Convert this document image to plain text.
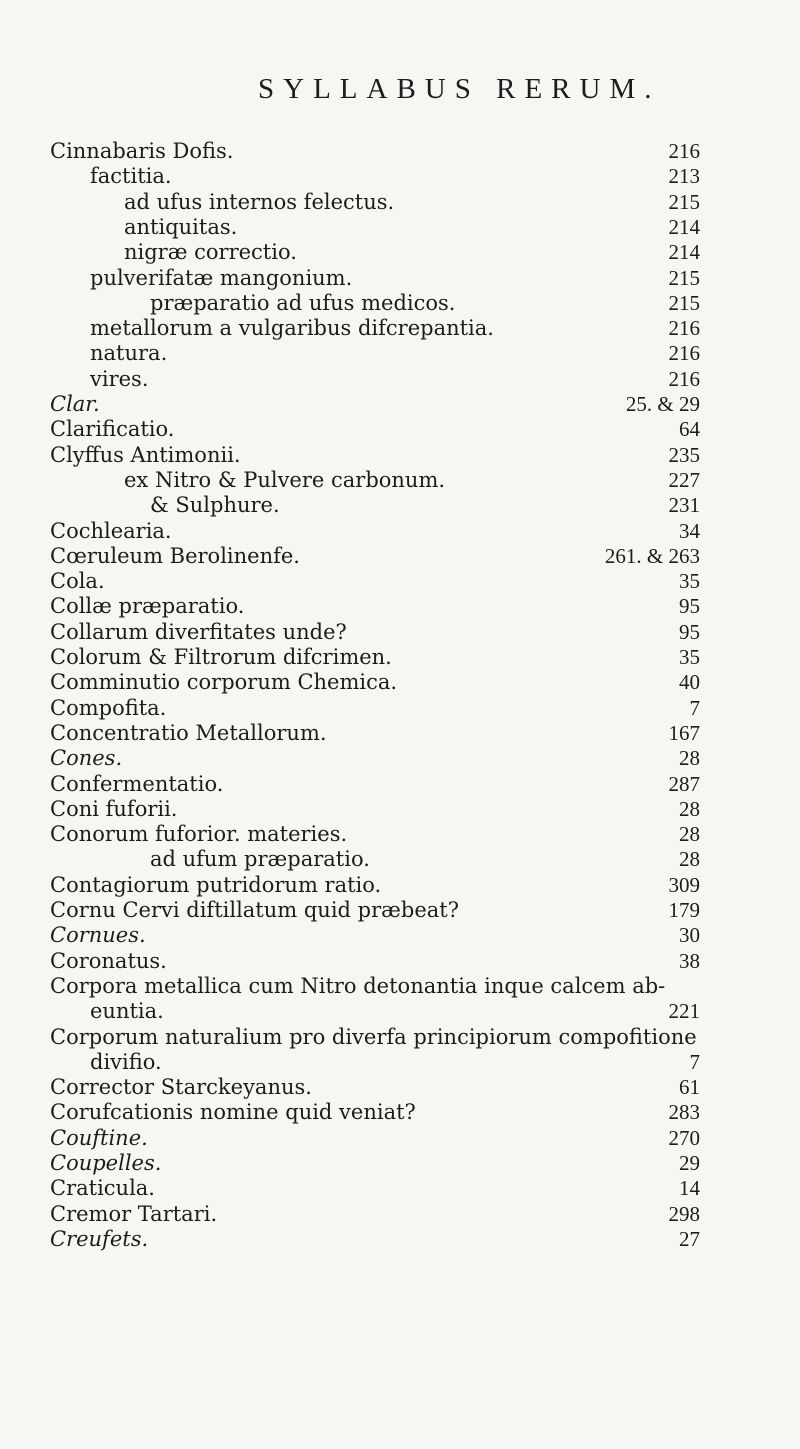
SYLLABUS RERUM.
Cinnabaris Dofis.	216
factitia.	213
ad ufus internos felectus.	215
antiquitas.	214
nigræ correctio.	214
pulverifatæ mangonium.	215
præparatio ad ufus medicos.	215
metallorum a vulgaribus difcrepantia.	216
natura.	216
vires.	216
Clar.	25. & 29
Clarificatio.	64
Clyffus Antimonii.	235
ex Nitro & Pulvere carbonum.	227
& Sulphure.	231
Cochlearia.	34
Cœruleum Berolinenfe.	261. & 263
Cola.	35
Collæ præparatio.	95
Collarum diverfitates unde?	95
Colorum & Filtrorum difcrimen.	35
Comminutio corporum Chemica.	40
Compofita.	7
Concentratio Metallorum.	167
Cones.	28
Confermentatio.	287
Coni fuforii.	28
Conorum fuforior. materies.	28
ad ufum præparatio.	28
Contagiorum putridorum ratio.	309
Cornu Cervi diftillatum quid præbeat?	179
Cornues.	30
Coronatus.	38
Corpora metallica cum Nitro detonantia inque calcem ab-
euntia.	221
Corporum naturalium pro diverfa principiorum compofitione
divifio.	7
Corrector Starckeyanus.	61
Corufcationis nomine quid veniat?	283
Couftine.	270
Coupelles.	29
Craticula.	14
Cremor Tartari.	298
Creufets.	27
